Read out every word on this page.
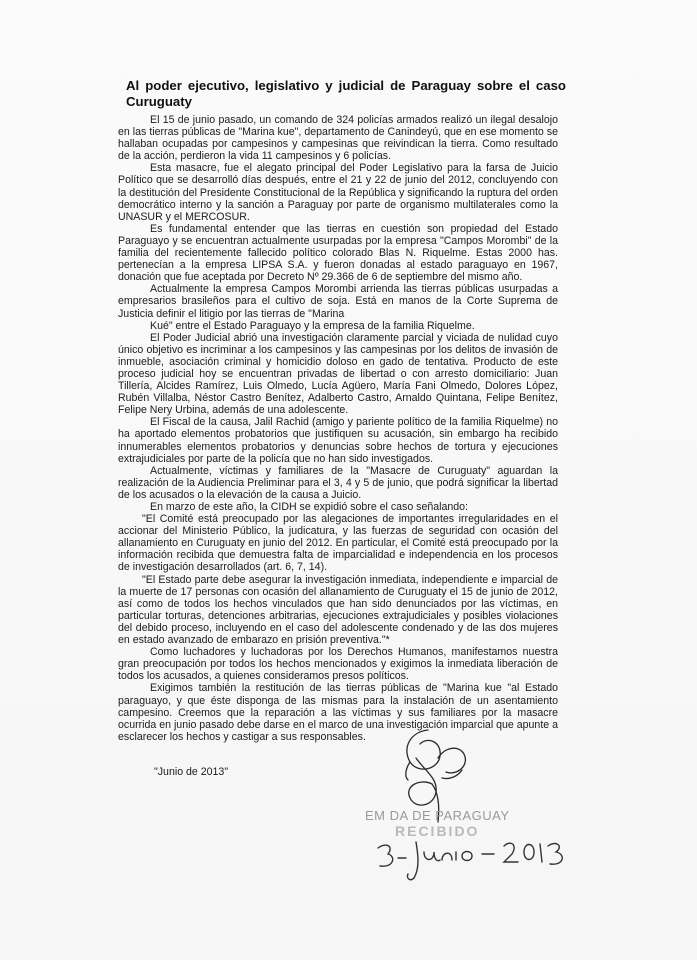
Al poder ejecutivo, legislativo y judicial de Paraguay sobre el caso Curuguaty

El 15 de junio pasado, un comando de 324 policías armados realizó un ilegal desalojo en las tierras públicas de "Marina kue", departamento de Canindeyú, que en ese momento se hallaban ocupadas por campesinos y campesinas que reivindican la tierra. Como resultado de la acción, perdieron la vida 11 campesinos y 6 policías.

Esta masacre, fue el alegato principal del Poder Legislativo para la farsa de Juicio Político que se desarrolló días después, entre el 21 y 22 de junio del 2012, concluyendo con la destitución del Presidente Constitucional de la República y significando la ruptura del orden democrático interno y la sanción a Paraguay por parte de organismo multilaterales como la UNASUR y el MERCOSUR.

Es fundamental entender que las tierras en cuestión son propiedad del Estado Paraguayo y se encuentran actualmente usurpadas por la empresa "Campos Morombi" de la familia del recientemente fallecido político colorado Blas N. Riquelme. Estas 2000 has. pertenecían a la empresa LIPSA S.A. y fueron donadas al estado paraguayo en 1967, donación que fue aceptada por Decreto Nº 29.366 de 6 de septiembre del mismo año.

Actualmente la empresa Campos Morombi arrienda las tierras públicas usurpadas a empresarios brasileños para el cultivo de soja. Está en manos de la Corte Suprema de Justicia definir el litigio por las tierras de "Marina

Kué" entre el Estado Paraguayo y la empresa de la familia Riquelme.

El Poder Judicial abrió una investigación claramente parcial y viciada de nulidad cuyo único objetivo es incriminar a los campesinos y las campesinas por los delitos de invasión de inmueble, asociación criminal y homicidio doloso en gado de tentativa. Producto de este proceso judicial hoy se encuentran privadas de libertad o con arresto domiciliario: Juan Tillería, Alcides Ramírez, Luis Olmedo, Lucía Agüero, María Fani Olmedo, Dolores López, Rubén Villalba, Néstor Castro Benítez, Adalberto Castro, Arnaldo Quintana, Felipe Benítez, Felipe Nery Urbina, además de una adolescente.

El Fiscal de la causa, Jalil Rachid (amigo y pariente político de la familia Riquelme) no ha aportado elementos probatorios que justifiquen su acusación, sin embargo ha recibido innumerables elementos probatorios y denuncias sobre hechos de tortura y ejecuciones extrajudiciales por parte de la policía que no han sido investigados.

Actualmente, víctimas y familiares de la "Masacre de Curuguaty" aguardan la realización de la Audiencia Preliminar para el 3, 4 y 5 de junio, que podrá significar la libertad de los acusados o la elevación de la causa a Juicio.

En marzo de este año, la CIDH se expidió sobre el caso señalando:

"El Comité está preocupado por las alegaciones de importantes irregularidades en el accionar del Ministerio Público, la judicatura, y las fuerzas de seguridad con ocasión del allanamiento en Curuguaty en junio del 2012. En particular, el Comité está preocupado por la información recibida que demuestra falta de imparcialidad e independencia en los procesos de investigación desarrollados (art. 6, 7, 14).

"El Estado parte debe asegurar la investigación inmediata, independiente e imparcial de la muerte de 17 personas con ocasión del allanamiento de Curuguaty el 15 de junio de 2012, así como de todos los hechos vinculados que han sido denunciados por las víctimas, en particular torturas, detenciones arbitrarias, ejecuciones extrajudiciales y posibles violaciones del debido proceso, incluyendo en el caso del adolescente condenado y de las dos mujeres en estado avanzado de embarazo en prisión preventiva."*

Como luchadores y luchadoras por los Derechos Humanos, manifestamos nuestra gran preocupación por todos los hechos mencionados y exigimos la inmediata liberación de todos los acusados, a quienes consideramos presos políticos.

Exigimos también la restitución de las tierras públicas de "Marina kue "al Estado paraguayo, y que éste disponga de las mismas para la instalación de un asentamiento campesino. Creemos que la reparación a las víctimas y sus familiares por la masacre ocurrida en junio pasado debe darse en el marco de una investigación imparcial que apunte a esclarecer los hechos y castigar a sus responsables.

"Junio de 2013"
EM DA DE PARAGUAY
RECIBIDO
